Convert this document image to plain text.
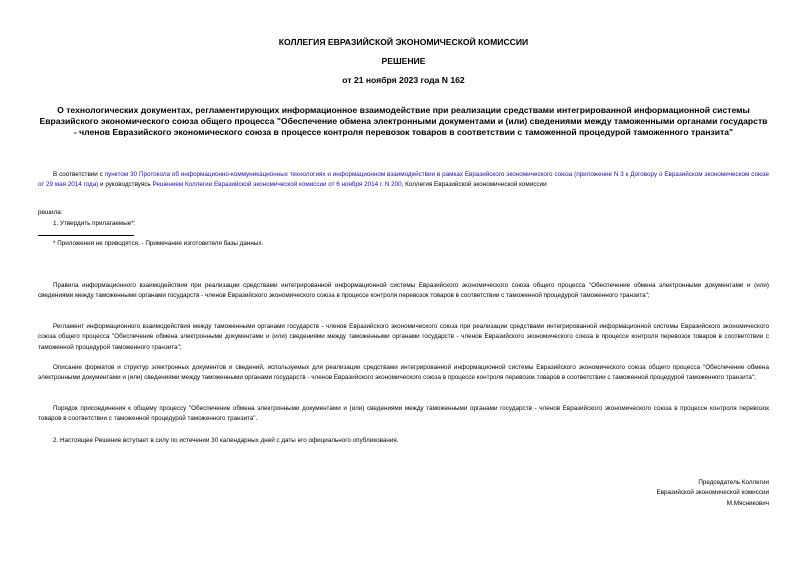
КОЛЛЕГИЯ ЕВРАЗИЙСКОЙ ЭКОНОМИЧЕСКОЙ КОМИССИИ
РЕШЕНИЕ
от 21 ноября 2023 года N 162
О технологических документах, регламентирующих информационное взаимодействие при реализации средствами интегрированной информационной системы Евразийского экономического союза общего процесса "Обеспечение обмена электронными документами и (или) сведениями между таможенными органами государств - членов Евразийского экономического союза в процессе контроля перевозок товаров в соответствии с таможенной процедурой таможенного транзита"
В соответствии с пунктом 30 Протокола об информационно-коммуникационных технологиях и информационном взаимодействии в рамках Евразийского экономического союза (приложение N 3 к Договору о Евразийском экономическом союзе от 29 мая 2014 года) и руководствуясь Решением Коллегии Евразийской экономической комиссии от 6 ноября 2014 г. N 200, Коллегия Евразийской экономической комиссии
решила:
1. Утвердить прилагаемые*:
* Приложения не приводятся. - Примечание изготовителя базы данных.
Правила информационного взаимодействия при реализации средствами интегрированной информационной системы Евразийского экономического союза общего процесса "Обеспечение обмена электронными документами и (или) сведениями между таможенными органами государств - членов Евразийского экономического союза в процессе контроля перевозок товаров в соответствии с таможенной процедурой таможенного транзита";
Регламент информационного взаимодействия между таможенными органами государств - членов Евразийского экономического союза при реализации средствами интегрированной информационной системы Евразийского экономического союза общего процесса "Обеспечение обмена электронными документами и (или) сведениями между таможенными органами государств - членов Евразийского экономического союза в процессе контроля перевозок товаров в соответствии с таможенной процедурой таможенного транзита";
Описание форматов и структур электронных документов и сведений, используемых для реализации средствами интегрированной информационной системы Евразийского экономического союза общего процесса "Обеспечение обмена электронными документами и (или) сведениями между таможенными органами государств - членов Евразийского экономического союза в процессе контроля перевозок товаров в соответствии с таможенной процедурой таможенного транзита";
Порядок присоединения к общему процессу "Обеспечение обмена электронными документами и (или) сведениями между таможенными органами государств - членов Евразийского экономического союза в процессе контроля перевозок товаров в соответствии с таможенной процедурой таможенного транзита".
2. Настоящее Решение вступает в силу по истечении 30 календарных дней с даты его официального опубликования.
Председатель Коллегии
Евразийской экономической комиссии
М.Мясникович
